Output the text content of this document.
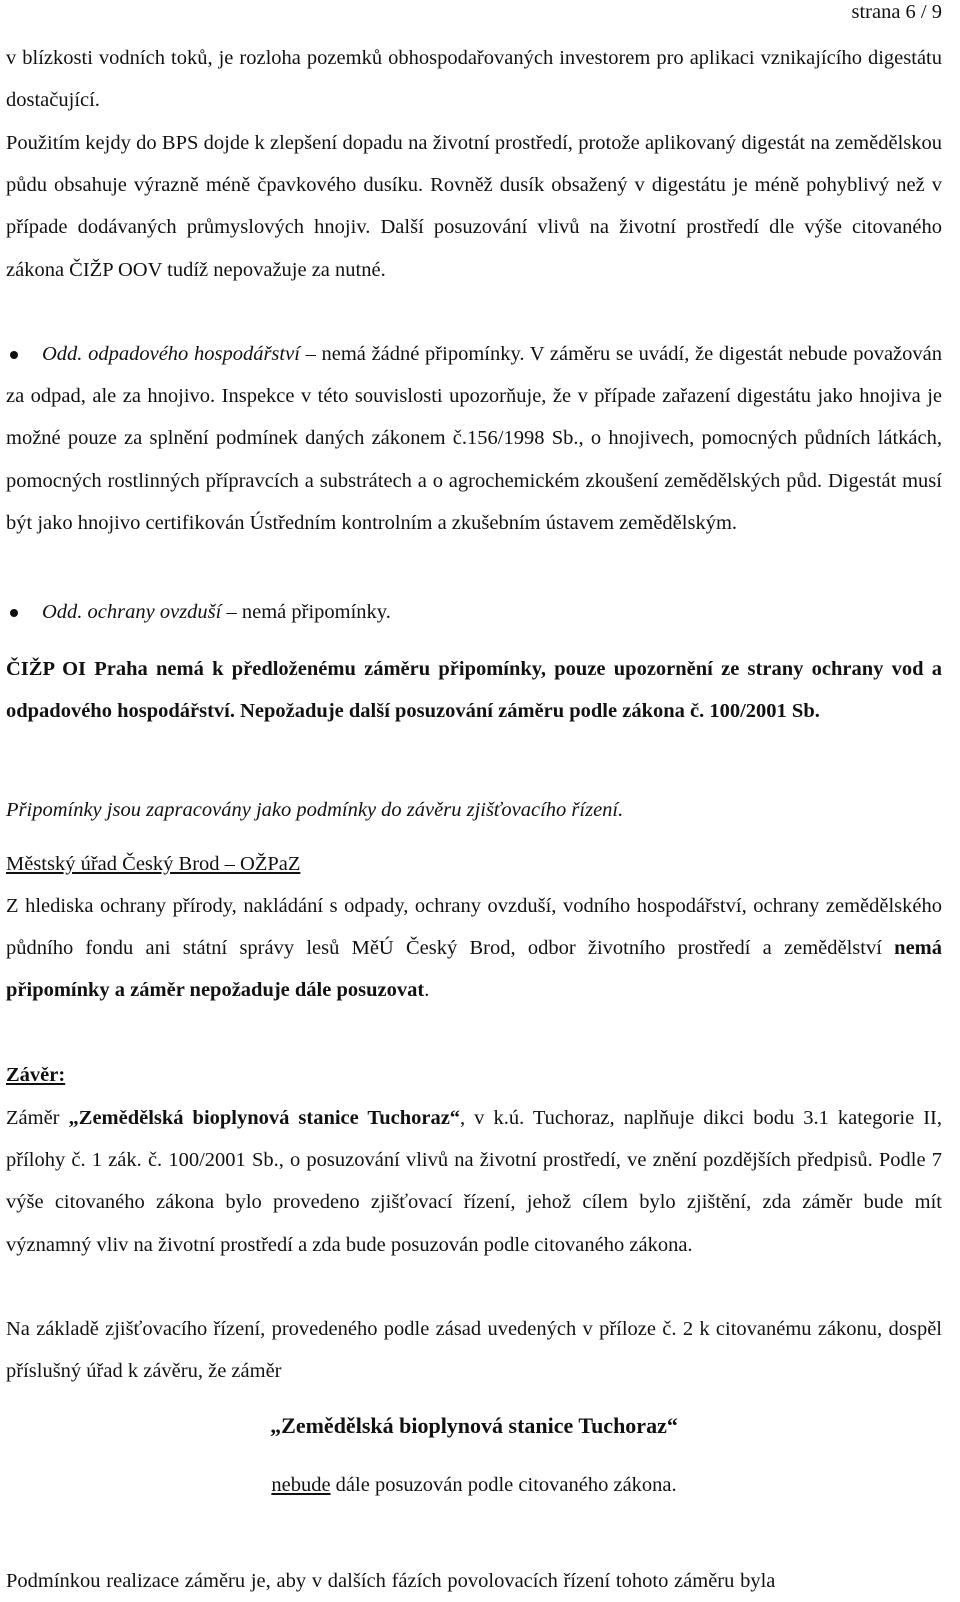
strana 6 / 9

v blízkosti vodních toků, je rozloha pozemků obhospodařovaných investorem pro aplikaci vznikajícího digestátu dostačující.

Použitím kejdy do BPS dojde k zlepšení dopadu na životní prostředí, protože aplikovaný digestát na zemědělskou půdu obsahuje výrazně méně čpavkového dusíku. Rovněž dusík obsažený v digestátu je méně pohyblivý než v případe dodávaných průmyslových hnojiv. Další posuzování vlivů na životní prostředí dle výše citovaného zákona ČIŽP OOV tudíž nepovažuje za nutné.

Odd. odpadového hospodářství – nemá žádné připomínky. V záměru se uvádí, že digestát nebude považován za odpad, ale za hnojivo. Inspekce v této souvislosti upozorňuje, že v případe zařazení digestátu jako hnojiva je možné pouze za splnění podmínek daných zákonem č.156/1998 Sb., o hnojivech, pomocných půdních látkách, pomocných rostlinných přípravcích a substrátech a o agrochemickém zkoušení zemědělských půd. Digestát musí být jako hnojivo certifikován Ústředním kontrolním a zkušebním ústavem zemědělským.

Odd. ochrany ovzduší – nemá připomínky.

ČIŽP OI Praha nemá k předloženému záměru připomínky, pouze upozornění ze strany ochrany vod a odpadového hospodářství. Nepožaduje další posuzování záměru podle zákona č. 100/2001 Sb.

Připomínky jsou zapracovány jako podmínky do závěru zjišťovacího řízení.

Městský úřad Český Brod – OŽPaZ

Z hlediska ochrany přírody, nakládání s odpady, ochrany ovzduší, vodního hospodářství, ochrany zemědělského půdního fondu ani státní správy lesů MěÚ Český Brod, odbor životního prostředí a zemědělství nemá připomínky a záměr nepožaduje dále posuzovat.

Závěr:

Záměr „Zemědělská bioplynová stanice Tuchoraz“, v k.ú. Tuchoraz, naplňuje dikci bodu 3.1 kategorie II, přílohy č. 1 zák. č. 100/2001 Sb., o posuzování vlivů na životní prostředí, ve znění pozdějších předpisů. Podle 7 výše citovaného zákona bylo provedeno zjišťovací řízení, jehož cílem bylo zjištění, zda záměr bude mít významný vliv na životní prostředí a zda bude posuzován podle citovaného zákona.

Na základě zjišťovacího řízení, provedeného podle zásad uvedených v příloze č. 2 k citovanému zákonu, dospěl příslušný úřad k závěru, že záměr

„Zemědělská bioplynová stanice Tuchoraz“

nebude dále posuzován podle citovaného zákona.

Podmínkou realizace záměru je, aby v dalších fázích povolovacích řízení tohoto záměru byla
